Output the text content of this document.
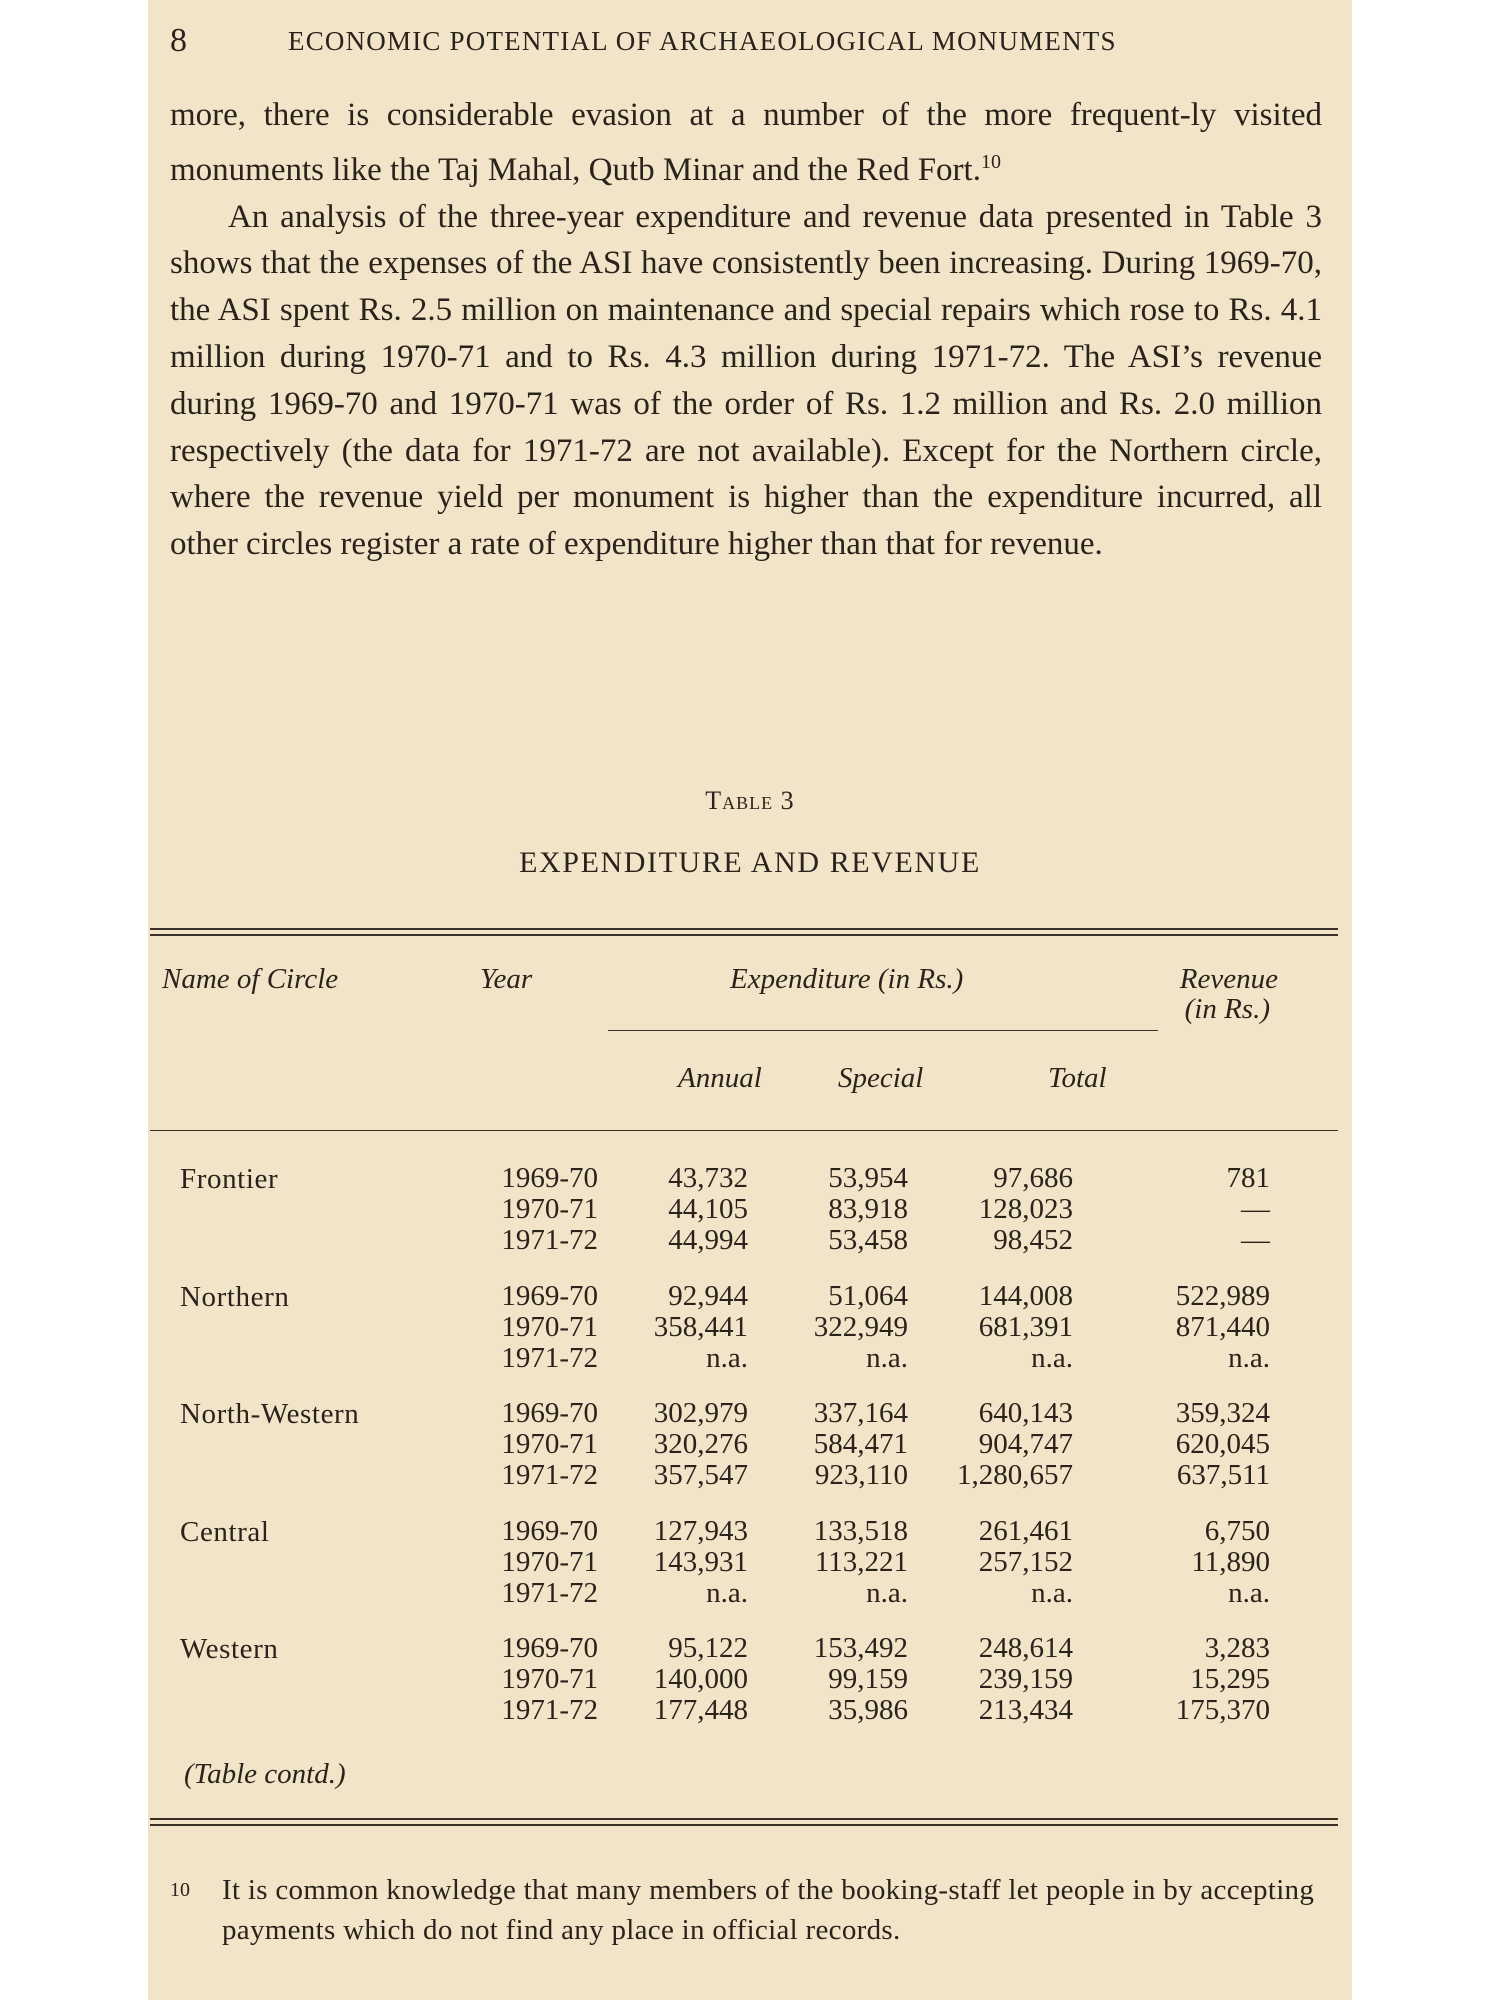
8	ECONOMIC POTENTIAL OF ARCHAEOLOGICAL MONUMENTS

more, there is considerable evasion at a number of the more frequent-ly visited monuments like the Taj Mahal, Qutb Minar and the Red Fort.$^{10}$

An analysis of the three-year expenditure and revenue data presented in Table 3 shows that the expenses of the ASI have consistently been increasing. During 1969-70, the ASI spent Rs. 2.5 million on maintenance and special repairs which rose to Rs. 4.1 million during 1970-71 and to Rs. 4.3 million during 1971-72. The ASI’s revenue during 1969-70 and 1970-71 was of the order of Rs. 1.2 million and Rs. 2.0 million respectively (the data for 1971-72 are not available). Except for the Northern circle, where the revenue yield per monument is higher than the expenditure incurred, all other circles register a rate of expenditure higher than that for revenue.

Table 3
EXPENDITURE AND REVENUE
Name of Circle	Year	Expenditure (in Rs.)	Revenue
(in Rs.)
Annual	Special	Total
Frontier	1969-70	43,732	53,954	97,686	781
1970-71	44,105	83,918	128,023	—
1971-72	44,994	53,458	98,452	—
Northern	1969-70	92,944	51,064	144,008	522,989
1970-71	358,441	322,949	681,391	871,440
1971-72	n.a.	n.a.	n.a.	n.a.
North-Western	1969-70	302,979	337,164	640,143	359,324
1970-71	320,276	584,471	904,747	620,045
1971-72	357,547	923,110	1,280,657	637,511
Central	1969-70	127,943	133,518	261,461	6,750
1970-71	143,931	113,221	257,152	11,890
1971-72	n.a.	n.a.	n.a.	n.a.
Western	1969-70	95,122	153,492	248,614	3,283
1970-71	140,000	99,159	239,159	15,295
1971-72	177,448	35,986	213,434	175,370
(Table contd.)
10 It is common knowledge that many members of the booking-staff let people in by accepting payments which do not find any place in official records.
